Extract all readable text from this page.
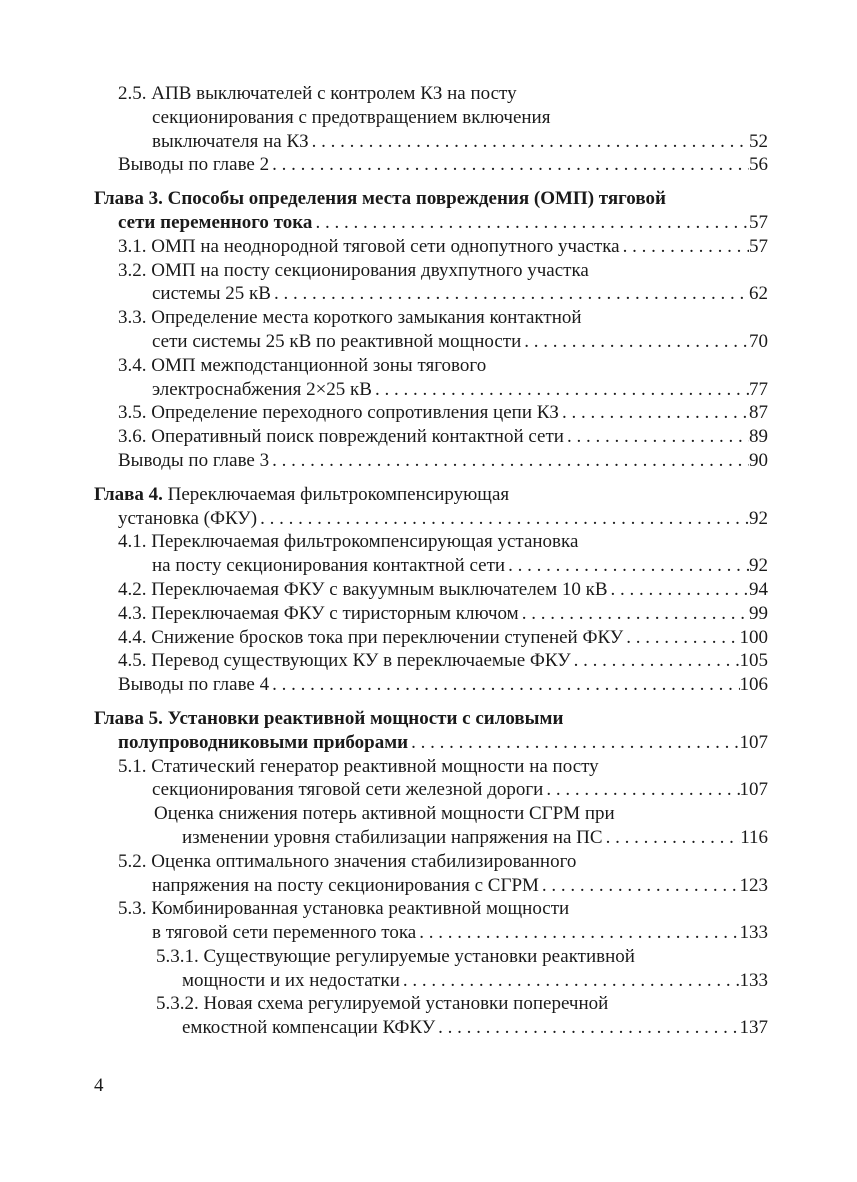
2.5. АПВ выключателей с контролем КЗ на посту
секционирования с предотвращением включения
выключателя на КЗ . . .	52
Выводы по главе 2 . . .	56
Глава 3. Способы определения места повреждения (ОМП) тяговой
сети переменного тока . . .	57
3.1. ОМП на неоднородной тяговой сети однопутного участка . . .	57
3.2. ОМП на посту секционирования двухпутного участка
системы 25 кВ . . .	62
3.3. Определение места короткого замыкания контактной
сети системы 25 кВ по реактивной мощности . . .	70
3.4. ОМП межподстанционной зоны тягового
электроснабжения 2×25 кВ . . .	77
3.5. Определение переходного сопротивления цепи КЗ . . .	87
3.6. Оперативный поиск повреждений контактной сети . . .	89
Выводы по главе 3 . . .	90
Глава 4. Переключаемая фильтрокомпенсирующая
установка (ФКУ) . . .	92
4.1. Переключаемая фильтрокомпенсирующая установка
на посту секционирования контактной сети . . .	92
4.2. Переключаемая ФКУ с вакуумным выключателем 10 кВ . . .	94
4.3. Переключаемая ФКУ с тиристорным ключом . . .	99
4.4. Снижение бросков тока при переключении ступеней ФКУ . . .	100
4.5. Перевод существующих КУ в переключаемые ФКУ . . .	105
Выводы по главе 4 . . .	106
Глава 5. Установки реактивной мощности с силовыми
полупроводниковыми приборами . . .	107
5.1. Статический генератор реактивной мощности на посту
секционирования тяговой сети железной дороги . . .	107
Оценка снижения потерь активной мощности СГРМ при
изменении уровня стабилизации напряжения на ПС . . .	116
5.2. Оценка оптимального значения стабилизированного
напряжения на посту секционирования с СГРМ . . .	123
5.3. Комбинированная установка реактивной мощности
в тяговой сети переменного тока . . .	133
5.3.1. Существующие регулируемые установки реактивной
мощности и их недостатки . . .	133
5.3.2. Новая схема регулируемой установки поперечной
емкостной компенсации КФКУ . . .	137
4
